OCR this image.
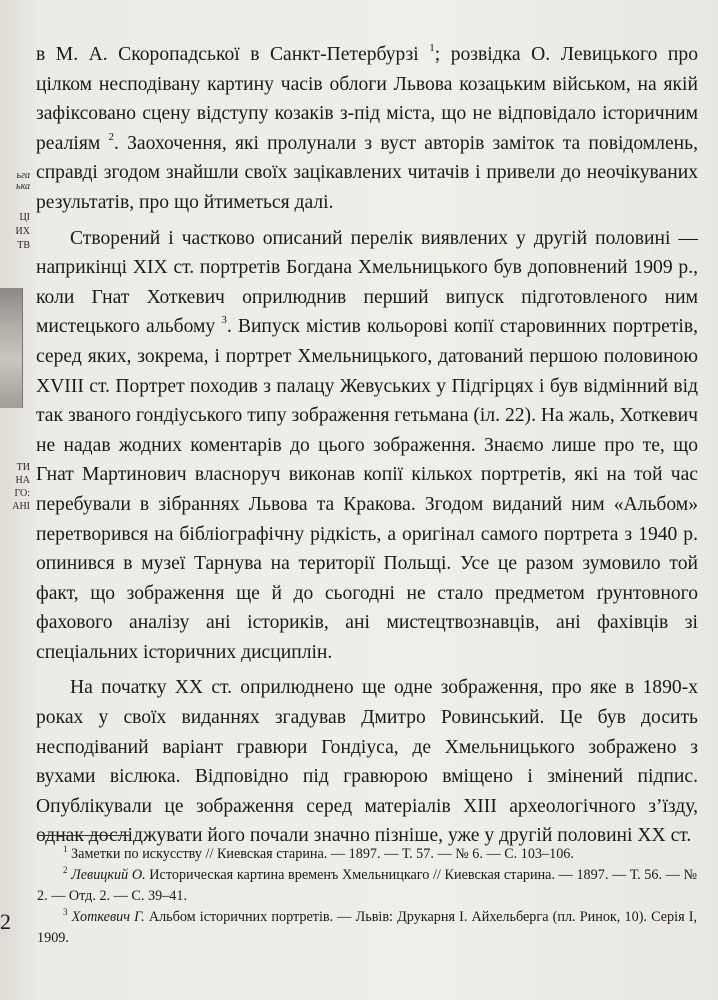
ьга
ька
ЦІ
ИХ
ТВ
ТИ
НА
ГО:
АНІ

в М. А. Скоропадської в Санкт-Петербурзі $^1$; розвідка О. Левицького про цілком несподівану картину часів облоги Львова козацьким військом, на якій зафіксовано сцену відступу козаків з-під міста, що не відповідало історичним реаліям $^2$. Заохочення, які пролунали з вуст авторів заміток та повідомлень, справді згодом знайшли своїх зацікавлених читачів і привели до неочікуваних результатів, про що йтиметься далі.

Створений і частково описаний перелік виявлених у другій половині — наприкінці XIX ст. портретів Богдана Хмельницького був доповнений 1909 р., коли Гнат Хоткевич оприлюднив перший випуск підготовленого ним мистецького альбому $^3$. Випуск містив кольорові копії старовинних портретів, серед яких, зокрема, і портрет Хмельницького, датований першою половиною XVIII ст. Портрет походив з палацу Жевуських у Підгірцях і був відмінний від так званого гондіуського типу зображення гетьмана (іл. 22). На жаль, Хоткевич не надав жодних коментарів до цього зображення. Знаємо лише про те, що Гнат Мартинович власноруч виконав копії кількох портретів, які на той час перебували в зібраннях Львова та Кракова. Згодом виданий ним «Альбом» перетворився на бібліографічну рідкість, а оригінал самого портрета з 1940 р. опинився в музеї Тарнува на території Польщі. Усе це разом зумовило той факт, що зображення ще й до сьогодні не стало предметом ґрунтовного фахового аналізу ані істориків, ані мистецтвознавців, ані фахівців зі спеціальних історичних дисциплін.

На початку XX ст. оприлюднено ще одне зображення, про яке в 1890-х роках у своїх виданнях згадував Дмитро Ровинський. Це був досить несподіваний варіант гравюри Гондіуса, де Хмельницького зображено з вухами віслюка. Відповідно під гравюрою вміщено і змінений підпис. Опублікували це зображення серед матеріалів XIII археологічного з’їзду, однак досліджувати його почали значно пізніше, уже у другій половині XX ст.

$^1$ Заметки по искусству // Киевская старина. — 1897. — Т. 57. — № 6. — С. 103–106.

$^2$ Левицкий О. Историческая картина временъ Хмельницкаго // Киевская старина. — 1897. — Т. 56. — № 2. — Отд. 2. — С. 39–41.

$^3$ Хоткевич Г. Альбом історичних портретів. — Львів: Друкарня І. Айхельберга (пл. Ринок, 10). Серія І, 1909.

2
